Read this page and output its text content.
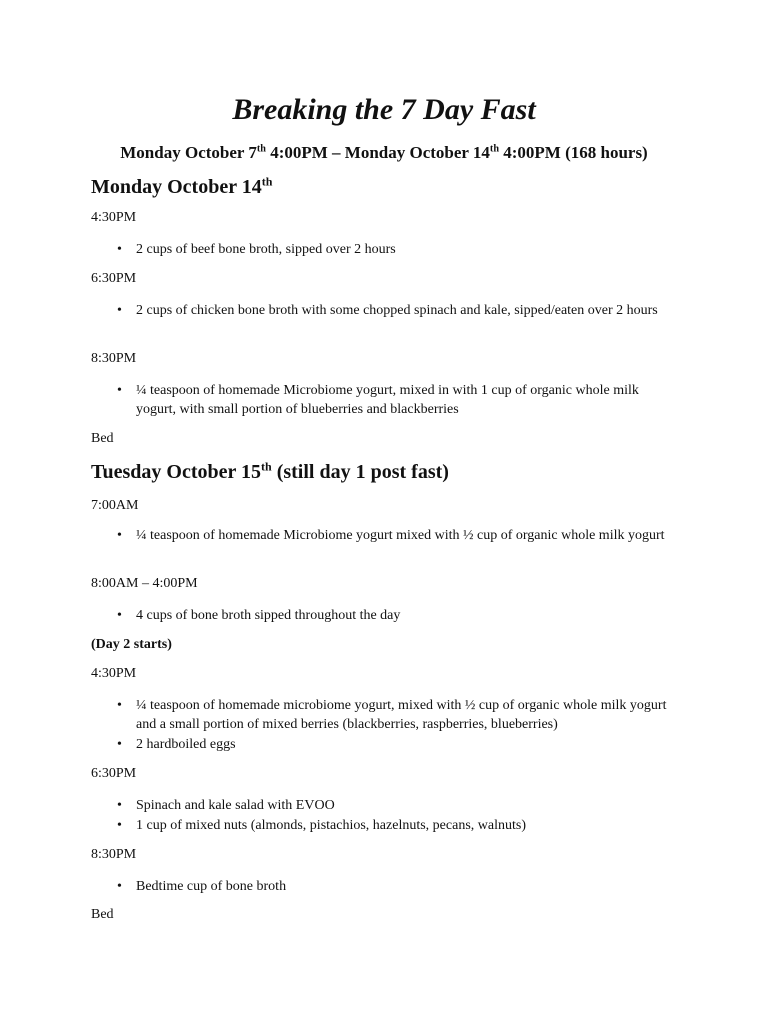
Breaking the 7 Day Fast
Monday October 7th 4:00PM – Monday October 14th 4:00PM (168 hours)
Monday October 14th
4:30PM
• 2 cups of beef bone broth, sipped over 2 hours
6:30PM
• 2 cups of chicken bone broth with some chopped spinach and kale, sipped/eaten over 2 hours
8:30PM
• ¼ teaspoon of homemade Microbiome yogurt, mixed in with 1 cup of organic whole milk yogurt, with small portion of blueberries and blackberries
Bed
Tuesday October 15th (still day 1 post fast)
7:00AM
• ¼ teaspoon of homemade Microbiome yogurt mixed with ½ cup of organic whole milk yogurt
8:00AM – 4:00PM
• 4 cups of bone broth sipped throughout the day
(Day 2 starts)
4:30PM
• ¼ teaspoon of homemade microbiome yogurt, mixed with ½ cup of organic whole milk yogurt and a small portion of mixed berries (blackberries, raspberries, blueberries)
• 2 hardboiled eggs
6:30PM
• Spinach and kale salad with EVOO
• 1 cup of mixed nuts (almonds, pistachios, hazelnuts, pecans, walnuts)
8:30PM
• Bedtime cup of bone broth
Bed
